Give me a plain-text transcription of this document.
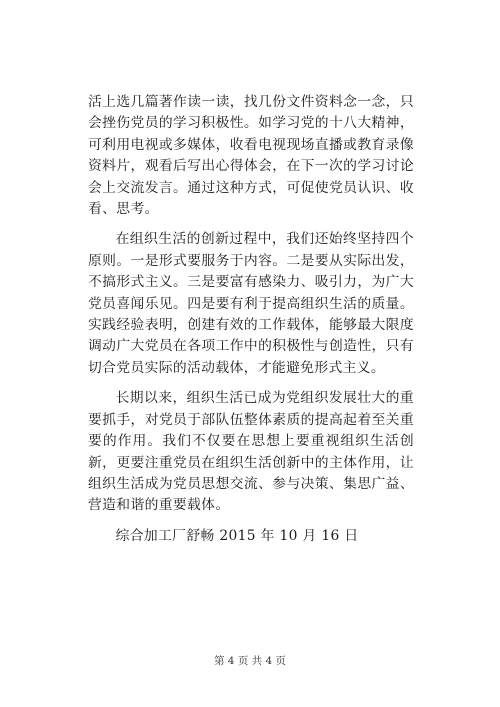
活上选几篇著作读一读，找几份文件资料念一念，只会挫伤党员的学习积极性。如学习党的十八大精神，可利用电视或多媒体，收看电视现场直播或教育录像资料片，观看后写出心得体会，在下一次的学习讨论会上交流发言。通过这种方式，可促使党员认识、收看、思考。

在组织生活的创新过程中，我们还始终坚持四个原则。一是形式要服务于内容。二是要从实际出发，不搞形式主义。三是要富有感染力、吸引力，为广大党员喜闻乐见。四是要有利于提高组织生活的质量。实践经验表明，创建有效的工作载体，能够最大限度调动广大党员在各项工作中的积极性与创造性，只有切合党员实际的活动载体，才能避免形式主义。

长期以来，组织生活已成为党组织发展壮大的重要抓手，对党员于部队伍整体素质的提高起着至关重要的作用。我们不仅要在思想上要重视组织生活创新，更要注重党员在组织生活创新中的主体作用，让组织生活成为党员思想交流、参与决策、集思广益、营造和谐的重要载体。

综合加工厂舒畅 2015 年 10 月 16 日

第 4 页 共 4 页
